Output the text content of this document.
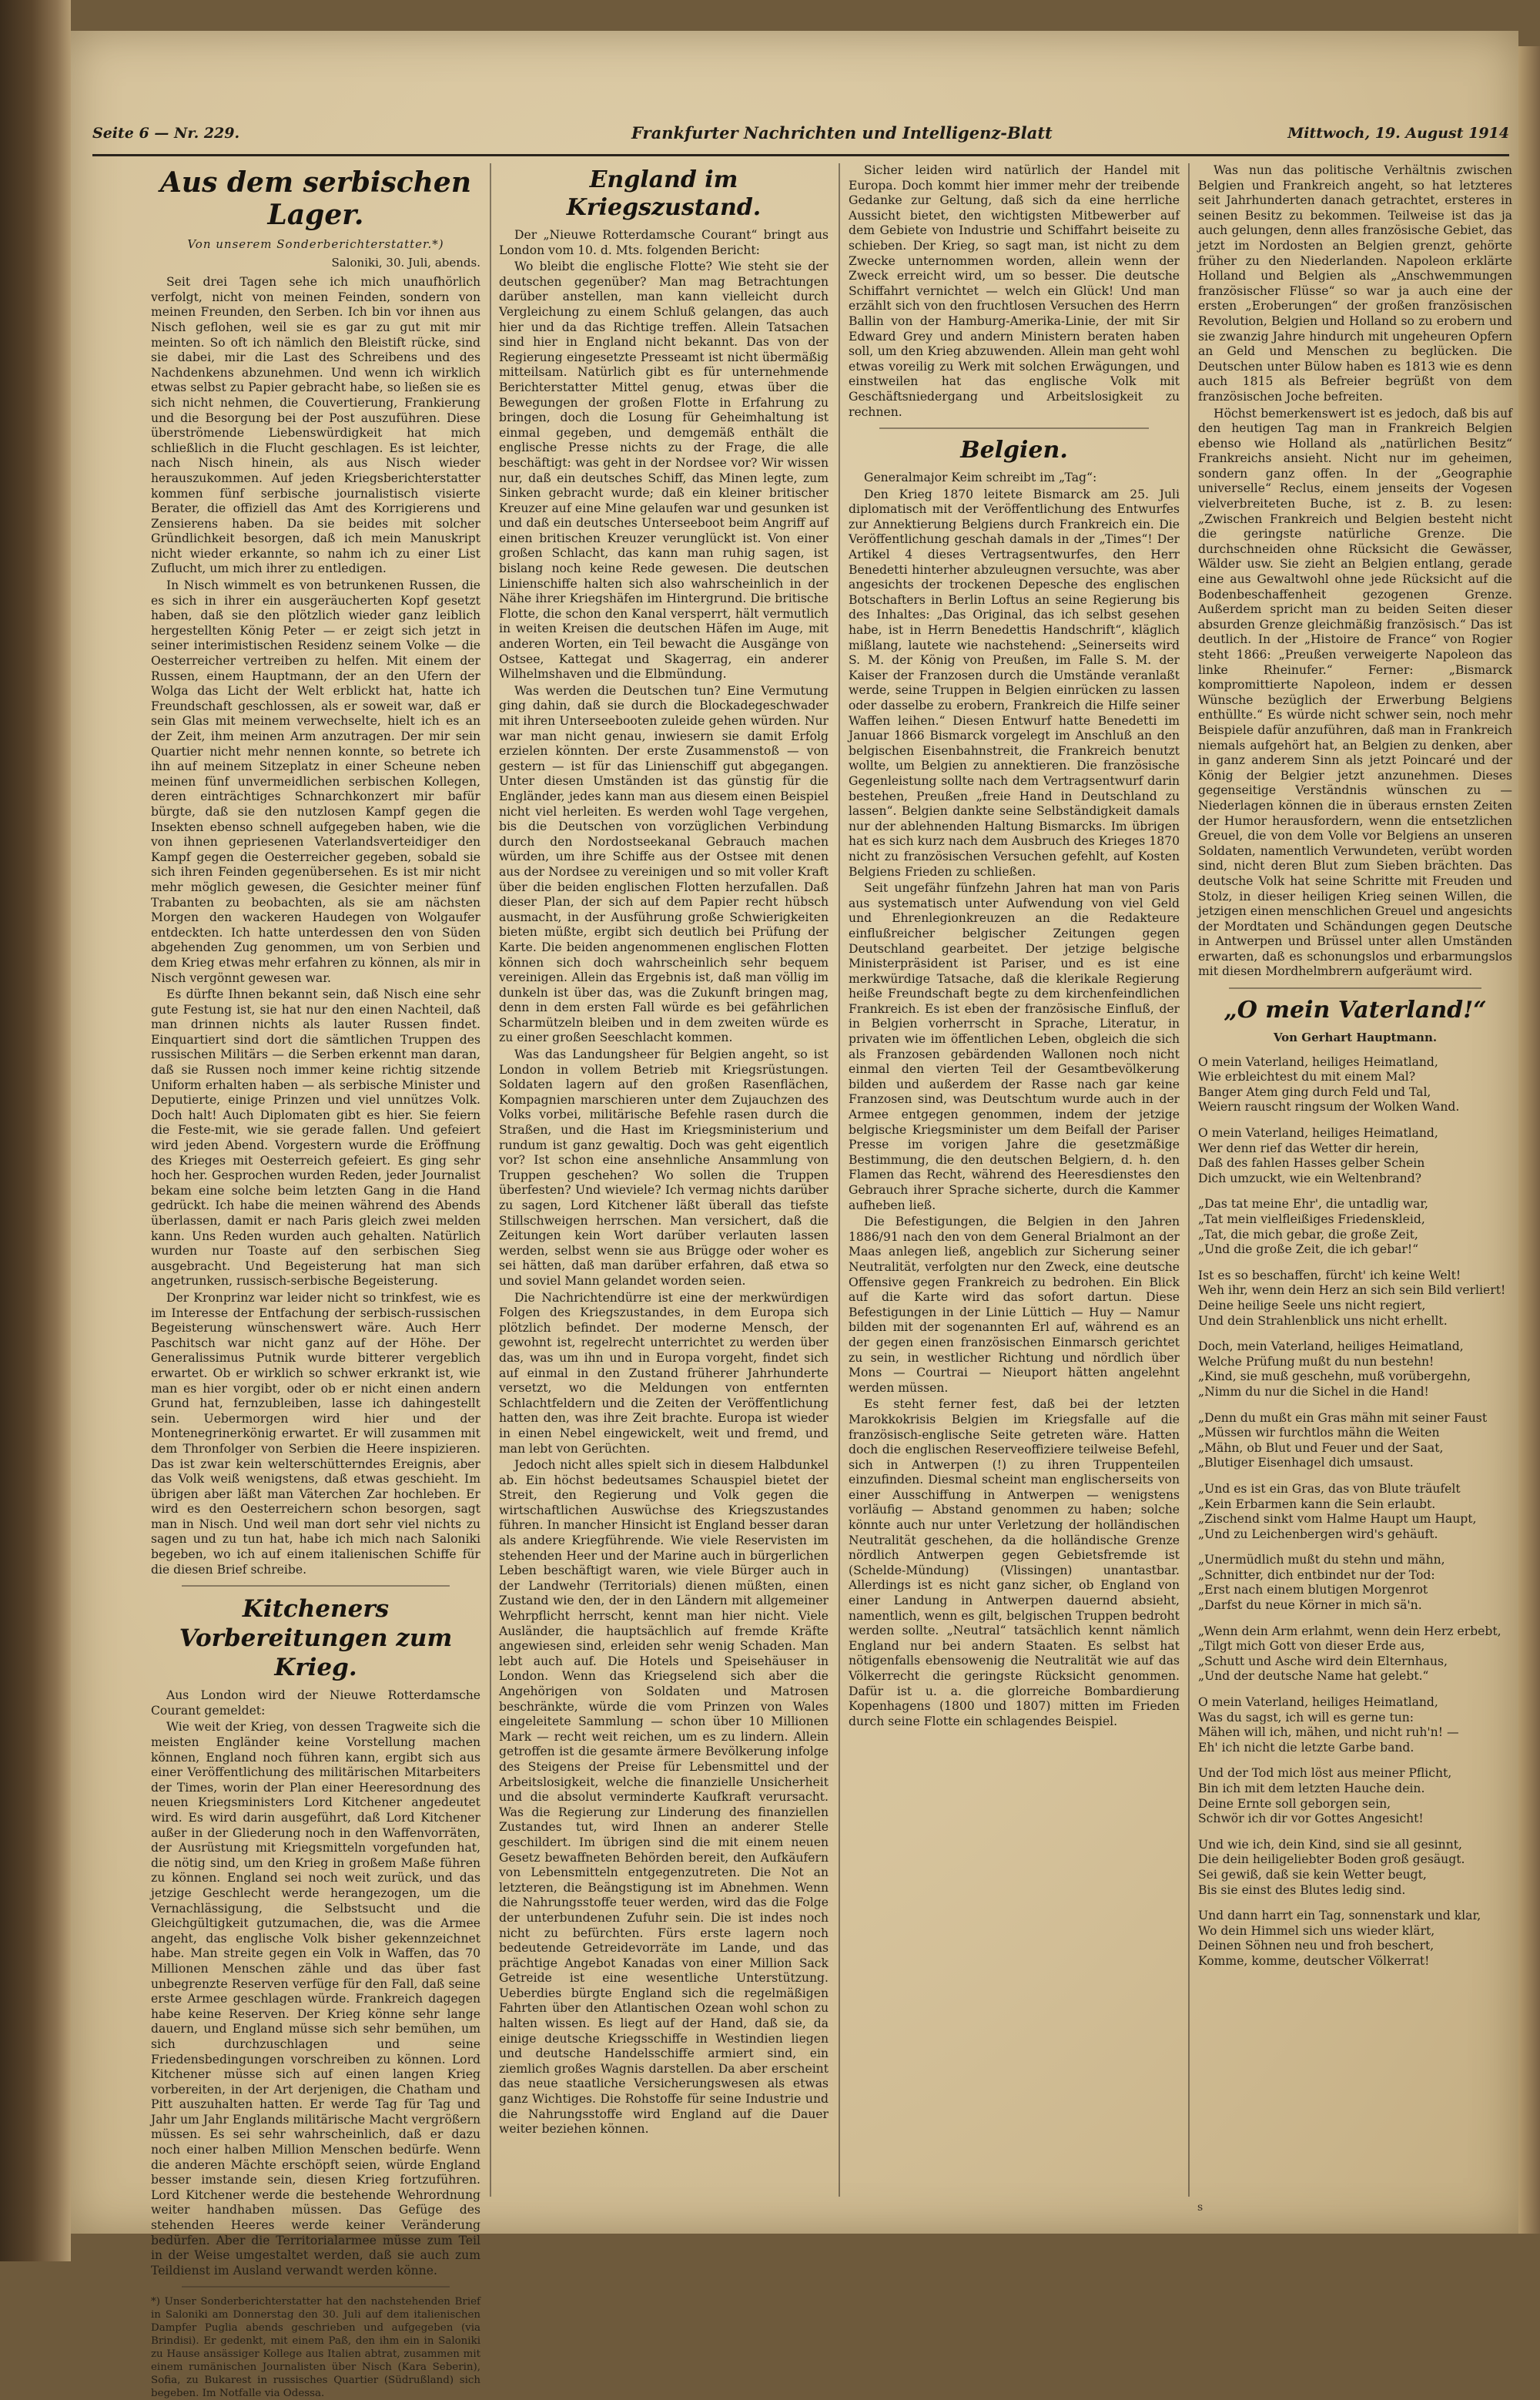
Seite 6 — Nr. 229.	Frankfurter Nachrichten und Intelligenz-Blatt	Mittwoch, 19. August 1914
Aus dem serbischen Lager.
Von unserem Sonderberichterstatter.*)
Saloniki, 30. Juli, abends.

Seit drei Tagen sehe ich mich unaufhörlich verfolgt, nicht von meinen Feinden, sondern von meinen Freunden, den Serben. Ich bin vor ihnen aus Nisch geflohen, weil sie es gar zu gut mit mir meinten. So oft ich nämlich den Bleistift rücke, sind sie dabei, mir die Last des Schreibens und des Nachdenkens abzunehmen. Und wenn ich wirklich etwas selbst zu Papier gebracht habe, so ließen sie es sich nicht nehmen, die Couvertierung, Frankierung und die Besorgung bei der Post auszuführen. Diese überströmende Liebenswürdigkeit hat mich schließlich in die Flucht geschlagen. Es ist leichter, nach Nisch hinein, als aus Nisch wieder herauszukommen. Auf jeden Kriegsberichterstatter kommen fünf serbische journalistisch visierte Berater, die offiziell das Amt des Korrigierens und Zensierens haben. Da sie beides mit solcher Gründlichkeit besorgen, daß ich mein Manuskript nicht wieder erkannte, so nahm ich zu einer List Zuflucht, um mich ihrer zu entledigen.

In Nisch wimmelt es von betrunkenen Russen, die es sich in ihrer ein ausgeräucherten Kopf gesetzt haben, daß sie den plötzlich wieder ganz leiblich hergestellten König Peter — er zeigt sich jetzt in seiner interimistischen Residenz seinem Volke — die Oesterreicher vertreiben zu helfen. Mit einem der Russen, einem Hauptmann, der an den Ufern der Wolga das Licht der Welt erblickt hat, hatte ich Freundschaft geschlossen, als er soweit war, daß er sein Glas mit meinem verwechselte, hielt ich es an der Zeit, ihm meinen Arm anzutragen. Der mir sein Quartier nicht mehr nennen konnte, so betrete ich ihn auf meinem Sitzeplatz in einer Scheune neben meinen fünf unvermeidlichen serbischen Kollegen, deren einträchtiges Schnarchkonzert mir bafür bürgte, daß sie den nutzlosen Kampf gegen die Insekten ebenso schnell aufgegeben haben, wie die von ihnen gepriesenen Vaterlandsverteidiger den Kampf gegen die Oesterreicher gegeben, sobald sie sich ihren Feinden gegenübersehen. Es ist mir nicht mehr möglich gewesen, die Gesichter meiner fünf Trabanten zu beobachten, als sie am nächsten Morgen den wackeren Haudegen von Wolgaufer entdeckten. Ich hatte unterdessen den von Süden abgehenden Zug genommen, um von Serbien und dem Krieg etwas mehr erfahren zu können, als mir in Nisch vergönnt gewesen war.

Es dürfte Ihnen bekannt sein, daß Nisch eine sehr gute Festung ist, sie hat nur den einen Nachteil, daß man drinnen nichts als lauter Russen findet. Einquartiert sind dort die sämtlichen Truppen des russischen Militärs — die Serben erkennt man daran, daß sie Russen noch immer keine richtig sitzende Uniform erhalten haben — als serbische Minister und Deputierte, einige Prinzen und viel unnützes Volk. Doch halt! Auch Diplomaten gibt es hier. Sie feiern die Feste-mit, wie sie gerade fallen. Und gefeiert wird jeden Abend. Vorgestern wurde die Eröffnung des Krieges mit Oesterreich gefeiert. Es ging sehr hoch her. Gesprochen wurden Reden, jeder Journalist bekam eine solche beim letzten Gang in die Hand gedrückt. Ich habe die meinen während des Abends überlassen, damit er nach Paris gleich zwei melden kann. Uns Reden wurden auch gehalten. Natürlich wurden nur Toaste auf den serbischen Sieg ausgebracht. Und Begeisterung hat man sich angetrunken, russisch-serbische Begeisterung.

Der Kronprinz war leider nicht so trinkfest, wie es im Interesse der Entfachung der serbisch-russischen Begeisterung wünschenswert wäre. Auch Herr Paschitsch war nicht ganz auf der Höhe. Der Generalissimus Putnik wurde bitterer vergeblich erwartet. Ob er wirklich so schwer erkrankt ist, wie man es hier vorgibt, oder ob er nicht einen andern Grund hat, fernzubleiben, lasse ich dahingestellt sein. Uebermorgen wird hier und der Montenegrinerkönig erwartet. Er will zusammen mit dem Thronfolger von Serbien die Heere inspizieren. Das ist zwar kein welterschütterndes Ereignis, aber das Volk weiß wenigstens, daß etwas geschieht. Im übrigen aber läßt man Väterchen Zar hochleben. Er wird es den Oesterreichern schon besorgen, sagt man in Nisch. Und weil man dort sehr viel nichts zu sagen und zu tun hat, habe ich mich nach Saloniki begeben, wo ich auf einem italienischen Schiffe für die diesen Brief schreibe.

Kitcheners Vorbereitungen zum Krieg.

Aus London wird der Nieuwe Rotterdamsche Courant gemeldet:

Wie weit der Krieg, von dessen Tragweite sich die meisten Engländer keine Vorstellung machen können, England noch führen kann, ergibt sich aus einer Veröffentlichung des militärischen Mitarbeiters der Times, worin der Plan einer Heeresordnung des neuen Kriegsministers Lord Kitchener angedeutet wird. Es wird darin ausgeführt, daß Lord Kitchener außer in der Gliederung noch in den Waffenvorräten, der Ausrüstung mit Kriegsmitteln vorgefunden hat, die nötig sind, um den Krieg in großem Maße führen zu können. England sei noch weit zurück, und das jetzige Geschlecht werde herangezogen, um die Vernachlässigung, die Selbstsucht und die Gleichgültigkeit gutzumachen, die, was die Armee angeht, das englische Volk bisher gekennzeichnet habe. Man streite gegen ein Volk in Waffen, das 70 Millionen Menschen zähle und das über fast unbegrenzte Reserven verfüge für den Fall, daß seine erste Armee geschlagen würde. Frankreich dagegen habe keine Reserven. Der Krieg könne sehr lange dauern, und England müsse sich sehr bemühen, um sich durchzuschlagen und seine Friedensbedingungen vorschreiben zu können. Lord Kitchener müsse sich auf einen langen Krieg vorbereiten, in der Art derjenigen, die Chatham und Pitt auszuhalten hatten. Er werde Tag für Tag und Jahr um Jahr Englands militärische Macht vergrößern müssen. Es sei sehr wahrscheinlich, daß er dazu noch einer halben Million Menschen bedürfe. Wenn die anderen Mächte erschöpft seien, würde England besser imstande sein, diesen Krieg fortzuführen. Lord Kitchener werde die bestehende Wehrordnung weiter handhaben müssen. Das Gefüge des stehenden Heeres werde keiner Veränderung bedürfen. Aber die Territorialarmee müsse zum Teil in der Weise umgestaltet werden, daß sie auch zum Teildienst im Ausland verwandt werden könne.

*) Unser Sonderberichterstatter hat den nachstehenden Brief in Saloniki am Donnerstag den 30. Juli auf dem italienischen Dampfer Puglia abends geschrieben und aufgegeben (via Brindisi). Er gedenkt, mit einem Paß, den ihm ein in Saloniki zu Hause ansässiger Kollege aus Italien abtrat, zusammen mit einem rumänischen Journalisten über Nisch (Kara Seberin), Sofia, zu Bukarest in russisches Quartier (Südrußland) sich begeben. Im Notfalle via Odessa.

England im Kriegszustand.

Der „Nieuwe Rotterdamsche Courant“ bringt aus London vom 10. d. Mts. folgenden Bericht:

Wo bleibt die englische Flotte? Wie steht sie der deutschen gegenüber? Man mag Betrachtungen darüber anstellen, man kann vielleicht durch Vergleichung zu einem Schluß gelangen, das auch hier und da das Richtige treffen. Allein Tatsachen sind hier in England nicht bekannt. Das von der Regierung eingesetzte Presseamt ist nicht übermäßig mitteilsam. Natürlich gibt es für unternehmende Berichterstatter Mittel genug, etwas über die Bewegungen der großen Flotte in Erfahrung zu bringen, doch die Losung für Geheimhaltung ist einmal gegeben, und demgemäß enthält die englische Presse nichts zu der Frage, die alle beschäftigt: was geht in der Nordsee vor? Wir wissen nur, daß ein deutsches Schiff, das Minen legte, zum Sinken gebracht wurde; daß ein kleiner britischer Kreuzer auf eine Mine gelaufen war und gesunken ist und daß ein deutsches Unterseeboot beim Angriff auf einen britischen Kreuzer verunglückt ist. Von einer großen Schlacht, das kann man ruhig sagen, ist bislang noch keine Rede gewesen. Die deutschen Linienschiffe halten sich also wahrscheinlich in der Nähe ihrer Kriegshäfen im Hintergrund. Die britische Flotte, die schon den Kanal versperrt, hält vermutlich in weiten Kreisen die deutschen Häfen im Auge, mit anderen Worten, ein Teil bewacht die Ausgänge von Ostsee, Kattegat und Skagerrag, ein anderer Wilhelmshaven und die Elbmündung.

Was werden die Deutschen tun? Eine Vermutung ging dahin, daß sie durch die Blockadegeschwader mit ihren Unterseebooten zuleide gehen würden. Nur war man nicht genau, inwiesern sie damit Erfolg erzielen könnten. Der erste Zusammenstoß — von gestern — ist für das Linienschiff gut abgegangen. Unter diesen Umständen ist das günstig für die Engländer, jedes kann man aus diesem einen Beispiel nicht viel herleiten. Es werden wohl Tage vergehen, bis die Deutschen von vorzüglichen Verbindung durch den Nordostseekanal Gebrauch machen würden, um ihre Schiffe aus der Ostsee mit denen aus der Nordsee zu vereinigen und so mit voller Kraft über die beiden englischen Flotten herzufallen. Daß dieser Plan, der sich auf dem Papier recht hübsch ausmacht, in der Ausführung große Schwierigkeiten bieten müßte, ergibt sich deutlich bei Prüfung der Karte. Die beiden angenommenen englischen Flotten können sich doch wahrscheinlich sehr bequem vereinigen. Allein das Ergebnis ist, daß man völlig im dunkeln ist über das, was die Zukunft bringen mag, denn in dem ersten Fall würde es bei gefährlichen Scharmützeln bleiben und in dem zweiten würde es zu einer großen Seeschlacht kommen.

Was das Landungsheer für Belgien angeht, so ist London in vollem Betrieb mit Kriegsrüstungen. Soldaten lagern auf den großen Rasenflächen, Kompagnien marschieren unter dem Zujauchzen des Volks vorbei, militärische Befehle rasen durch die Straßen, und die Hast im Kriegsministerium und rundum ist ganz gewaltig. Doch was geht eigentlich vor? Ist schon eine ansehnliche Ansammlung von Truppen geschehen? Wo sollen die Truppen überfesten? Und wieviele? Ich vermag nichts darüber zu sagen, Lord Kitchener läßt überall das tiefste Stillschweigen herrschen. Man versichert, daß die Zeitungen kein Wort darüber verlauten lassen werden, selbst wenn sie aus Brügge oder woher es sei hätten, daß man darüber erfahren, daß etwa so und soviel Mann gelandet worden seien.

Die Nachrichtendürre ist eine der merkwürdigen Folgen des Kriegszustandes, in dem Europa sich plötzlich befindet. Der moderne Mensch, der gewohnt ist, regelrecht unterrichtet zu werden über das, was um ihn und in Europa vorgeht, findet sich auf einmal in den Zustand früherer Jahrhunderte versetzt, wo die Meldungen von entfernten Schlachtfeldern und die Zeiten der Veröffentlichung hatten den, was ihre Zeit brachte. Europa ist wieder in einen Nebel eingewickelt, weit und fremd, und man lebt von Gerüchten.

Jedoch nicht alles spielt sich in diesem Halbdunkel ab. Ein höchst bedeutsames Schauspiel bietet der Streit, den Regierung und Volk gegen die wirtschaftlichen Auswüchse des Kriegszustandes führen. In mancher Hinsicht ist England besser daran als andere Kriegführende. Wie viele Reservisten im stehenden Heer und der Marine auch in bürgerlichen Leben beschäftigt waren, wie viele Bürger auch in der Landwehr (Territorials) dienen müßten, einen Zustand wie den, der in den Ländern mit allgemeiner Wehrpflicht herrscht, kennt man hier nicht. Viele Ausländer, die hauptsächlich auf fremde Kräfte angewiesen sind, erleiden sehr wenig Schaden. Man lebt auch auf. Die Hotels und Speisehäuser in London. Wenn das Kriegselend sich aber die Angehörigen von Soldaten und Matrosen beschränkte, würde die vom Prinzen von Wales eingeleitete Sammlung — schon über 10 Millionen Mark — recht weit reichen, um es zu lindern. Allein getroffen ist die gesamte ärmere Bevölkerung infolge des Steigens der Preise für Lebensmittel und der Arbeitslosigkeit, welche die finanzielle Unsicherheit und die absolut verminderte Kaufkraft verursacht. Was die Regierung zur Linderung des finanziellen Zustandes tut, wird Ihnen an anderer Stelle geschildert. Im übrigen sind die mit einem neuen Gesetz bewaffneten Behörden bereit, den Aufkäufern von Lebensmitteln entgegenzutreten. Die Not an letzteren, die Beängstigung ist im Abnehmen. Wenn die Nahrungsstoffe teuer werden, wird das die Folge der unterbundenen Zufuhr sein. Die ist indes noch nicht zu befürchten. Fürs erste lagern noch bedeutende Getreidevorräte im Lande, und das prächtige Angebot Kanadas von einer Million Sack Getreide ist eine wesentliche Unterstützung. Ueberdies bürgte England sich die regelmäßigen Fahrten über den Atlantischen Ozean wohl schon zu halten wissen. Es liegt auf der Hand, daß sie, da einige deutsche Kriegsschiffe in Westindien liegen und deutsche Handelsschiffe armiert sind, ein ziemlich großes Wagnis darstellen. Da aber erscheint das neue staatliche Versicherungswesen als etwas ganz Wichtiges. Die Rohstoffe für seine Industrie und die Nahrungsstoffe wird England auf die Dauer weiter beziehen können.

Sicher leiden wird natürlich der Handel mit Europa. Doch kommt hier immer mehr der treibende Gedanke zur Geltung, daß sich da eine herrliche Aussicht bietet, den wichtigsten Mitbewerber auf dem Gebiete von Industrie und Schiffahrt beiseite zu schieben. Der Krieg, so sagt man, ist nicht zu dem Zwecke unternommen worden, allein wenn der Zweck erreicht wird, um so besser. Die deutsche Schiffahrt vernichtet — welch ein Glück! Und man erzählt sich von den fruchtlosen Versuchen des Herrn Ballin von der Hamburg-Amerika-Linie, der mit Sir Edward Grey und andern Ministern beraten haben soll, um den Krieg abzuwenden. Allein man geht wohl etwas voreilig zu Werk mit solchen Erwägungen, und einstweilen hat das englische Volk mit Geschäftsniedergang und Arbeitslosigkeit zu rechnen.

Belgien.

Generalmajor Keim schreibt im „Tag“:

Den Krieg 1870 leitete Bismarck am 25. Juli diplomatisch mit der Veröffentlichung des Entwurfes zur Annektierung Belgiens durch Frankreich ein. Die Veröffentlichung geschah damals in der „Times“! Der Artikel 4 dieses Vertragsentwurfes, den Herr Benedetti hinterher abzuleugnen versuchte, was aber angesichts der trockenen Depesche des englischen Botschafters in Berlin Loftus an seine Regierung bis des Inhaltes: „Das Original, das ich selbst gesehen habe, ist in Herrn Benedettis Handschrift“, kläglich mißlang, lautete wie nachstehend: „Seinerseits wird S. M. der König von Preußen, im Falle S. M. der Kaiser der Franzosen durch die Umstände veranlaßt werde, seine Truppen in Belgien einrücken zu lassen oder dasselbe zu erobern, Frankreich die Hilfe seiner Waffen leihen.“ Diesen Entwurf hatte Benedetti im Januar 1866 Bismarck vorgelegt im Anschluß an den belgischen Eisenbahnstreit, die Frankreich benutzt wollte, um Belgien zu annektieren. Die französische Gegenleistung sollte nach dem Vertragsentwurf darin bestehen, Preußen „freie Hand in Deutschland zu lassen“. Belgien dankte seine Selbständigkeit damals nur der ablehnenden Haltung Bismarcks. Im übrigen hat es sich kurz nach dem Ausbruch des Krieges 1870 nicht zu französischen Versuchen gefehlt, auf Kosten Belgiens Frieden zu schließen.

Seit ungefähr fünfzehn Jahren hat man von Paris aus systematisch unter Aufwendung von viel Geld und Ehrenlegionkreuzen an die Redakteure einflußreicher belgischer Zeitungen gegen Deutschland gearbeitet. Der jetzige belgische Ministerpräsident ist Pariser, und es ist eine merkwürdige Tatsache, daß die klerikale Regierung heiße Freundschaft begte zu dem kirchenfeindlichen Frankreich. Es ist eben der französische Einfluß, der in Belgien vorherrscht in Sprache, Literatur, in privaten wie im öffentlichen Leben, obgleich die sich als Franzosen gebärdenden Wallonen noch nicht einmal den vierten Teil der Gesamtbevölkerung bilden und außerdem der Rasse nach gar keine Franzosen sind, was Deutschtum wurde auch in der Armee entgegen genommen, indem der jetzige belgische Kriegsminister um dem Beifall der Pariser Presse im vorigen Jahre die gesetzmäßige Bestimmung, die den deutschen Belgiern, d. h. den Flamen das Recht, während des Heeresdienstes den Gebrauch ihrer Sprache sicherte, durch die Kammer aufheben ließ.

Die Befestigungen, die Belgien in den Jahren 1886/91 nach den von dem General Brialmont an der Maas anlegen ließ, angeblich zur Sicherung seiner Neutralität, verfolgten nur den Zweck, eine deutsche Offensive gegen Frankreich zu bedrohen. Ein Blick auf die Karte wird das sofort dartun. Diese Befestigungen in der Linie Lüttich — Huy — Namur bilden mit der sogenannten Erl auf, während es an der gegen einen französischen Einmarsch gerichtet zu sein, in westlicher Richtung und nördlich über Mons — Courtrai — Nieuport hätten angelehnt werden müssen.

Es steht ferner fest, daß bei der letzten Marokkokrisis Belgien im Kriegsfalle auf die französisch-englische Seite getreten wäre. Hatten doch die englischen Reserveoffiziere teilweise Befehl, sich in Antwerpen (!) zu ihren Truppenteilen einzufinden. Diesmal scheint man englischerseits von einer Ausschiffung in Antwerpen — wenigstens vorläufig — Abstand genommen zu haben; solche könnte auch nur unter Verletzung der holländischen Neutralität geschehen, da die holländische Grenze nördlich Antwerpen gegen Gebietsfremde ist (Schelde-Mündung) (Vlissingen) unantastbar. Allerdings ist es nicht ganz sicher, ob England von einer Landung in Antwerpen dauernd absieht, namentlich, wenn es gilt, belgischen Truppen bedroht werden sollte. „Neutral“ tatsächlich kennt nämlich England nur bei andern Staaten. Es selbst hat nötigenfalls ebensowenig die Neutralität wie auf das Völkerrecht die geringste Rücksicht genommen. Dafür ist u. a. die glorreiche Bombardierung Kopenhagens (1800 und 1807) mitten im Frieden durch seine Flotte ein schlagendes Beispiel.

Was nun das politische Verhältnis zwischen Belgien und Frankreich angeht, so hat letzteres seit Jahrhunderten danach getrachtet, ersteres in seinen Besitz zu bekommen. Teilweise ist das ja auch gelungen, denn alles französische Gebiet, das jetzt im Nordosten an Belgien grenzt, gehörte früher zu den Niederlanden. Napoleon erklärte Holland und Belgien als „Anschwemmungen französischer Flüsse“ so war ja auch eine der ersten „Eroberungen“ der großen französischen Revolution, Belgien und Holland so zu erobern und sie zwanzig Jahre hindurch mit ungeheuren Opfern an Geld und Menschen zu beglücken. Die Deutschen unter Bülow haben es 1813 wie es denn auch 1815 als Befreier begrüßt von dem französischen Joche befreiten.

Höchst bemerkenswert ist es jedoch, daß bis auf den heutigen Tag man in Frankreich Belgien ebenso wie Holland als „natürlichen Besitz“ Frankreichs ansieht. Nicht nur im geheimen, sondern ganz offen. In der „Geographie universelle“ Reclus, einem jenseits der Vogesen vielverbreiteten Buche, ist z. B. zu lesen: „Zwischen Frankreich und Belgien besteht nicht die geringste natürliche Grenze. Die durchschneiden ohne Rücksicht die Gewässer, Wälder usw. Sie zieht an Belgien entlang, gerade eine aus Gewaltwohl ohne jede Rücksicht auf die Bodenbeschaffenheit gezogenen Grenze. Außerdem spricht man zu beiden Seiten dieser absurden Grenze gleichmäßig französisch.“ Das ist deutlich. In der „Histoire de France“ von Rogier steht 1866: „Preußen verweigerte Napoleon das linke Rheinufer.“ Ferner: „Bismarck kompromittierte Napoleon, indem er dessen Wünsche bezüglich der Erwerbung Belgiens enthüllte.“ Es würde nicht schwer sein, noch mehr Beispiele dafür anzuführen, daß man in Frankreich niemals aufgehört hat, an Belgien zu denken, aber in ganz anderem Sinn als jetzt Poincaré und der König der Belgier jetzt anzunehmen. Dieses gegenseitige Verständnis wünschen zu — Niederlagen können die in überaus ernsten Zeiten der Humor herausfordern, wenn die entsetzlichen Greuel, die von dem Volle vor Belgiens an unseren Soldaten, namentlich Verwundeten, verübt worden sind, nicht deren Blut zum Sieben brächten. Das deutsche Volk hat seine Schritte mit Freuden und Stolz, in dieser heiligen Krieg seinen Willen, die jetzigen einen menschlichen Greuel und angesichts der Mordtaten und Schändungen gegen Deutsche in Antwerpen und Brüssel unter allen Umständen erwarten, daß es schonungslos und erbarmungslos mit diesen Mordhelmbrern aufgeräumt wird.

„O mein Vaterland!“
Von Gerhart Hauptmann.
O mein Vaterland, heiliges Heimatland,
Wie erbleichtest du mit einem Mal?
Banger Atem ging durch Feld und Tal,
Weiern rauscht ringsum der Wolken Wand.
O mein Vaterland, heiliges Heimatland,
Wer denn rief das Wetter dir herein,
Daß des fahlen Hasses gelber Schein
Dich umzuckt, wie ein Weltenbrand?
„Das tat meine Ehr', die untadlig war,
„Tat mein vielfleißiges Friedenskleid,
„Tat, die mich gebar, die große Zeit,
„Und die große Zeit, die ich gebar!“
Ist es so beschaffen, fürcht' ich keine Welt!
Weh ihr, wenn dein Herz an sich sein Bild verliert!
Deine heilige Seele uns nicht regiert,
Und dein Strahlenblick uns nicht erhellt.
Doch, mein Vaterland, heiliges Heimatland,
Welche Prüfung mußt du nun bestehn!
„Kind, sie muß geschehn, muß vorübergehn,
„Nimm du nur die Sichel in die Hand!
„Denn du mußt ein Gras mähn mit seiner Faust
„Müssen wir furchtlos mähn die Weiten
„Mähn, ob Blut und Feuer und der Saat,
„Blutiger Eisenhagel dich umsaust.
„Und es ist ein Gras, das von Blute träufelt
„Kein Erbarmen kann die Sein erlaubt.
„Zischend sinkt vom Halme Haupt um Haupt,
„Und zu Leichenbergen wird's gehäuft.
„Unermüdlich mußt du stehn und mähn,
„Schnitter, dich entbindet nur der Tod:
„Erst nach einem blutigen Morgenrot
„Darfst du neue Körner in mich sä'n.
„Wenn dein Arm erlahmt, wenn dein Herz erbebt,
„Tilgt mich Gott von dieser Erde aus,
„Schutt und Asche wird dein Elternhaus,
„Und der deutsche Name hat gelebt.“
O mein Vaterland, heiliges Heimatland,
Was du sagst, ich will es gerne tun:
Mähen will ich, mähen, und nicht ruh'n! —
Eh' ich nicht die letzte Garbe band.
Und der Tod mich löst aus meiner Pflicht,
Bin ich mit dem letzten Hauche dein.
Deine Ernte soll geborgen sein,
Schwör ich dir vor Gottes Angesicht!
Und wie ich, dein Kind, sind sie all gesinnt,
Die dein heiligeliebter Boden groß gesäugt.
Sei gewiß, daß sie kein Wetter beugt,
Bis sie einst des Blutes ledig sind.
Und dann harrt ein Tag, sonnenstark und klar,
Wo dein Himmel sich uns wieder klärt,
Deinen Söhnen neu und froh beschert,
Komme, komme, deutscher Völkerrat!
s
